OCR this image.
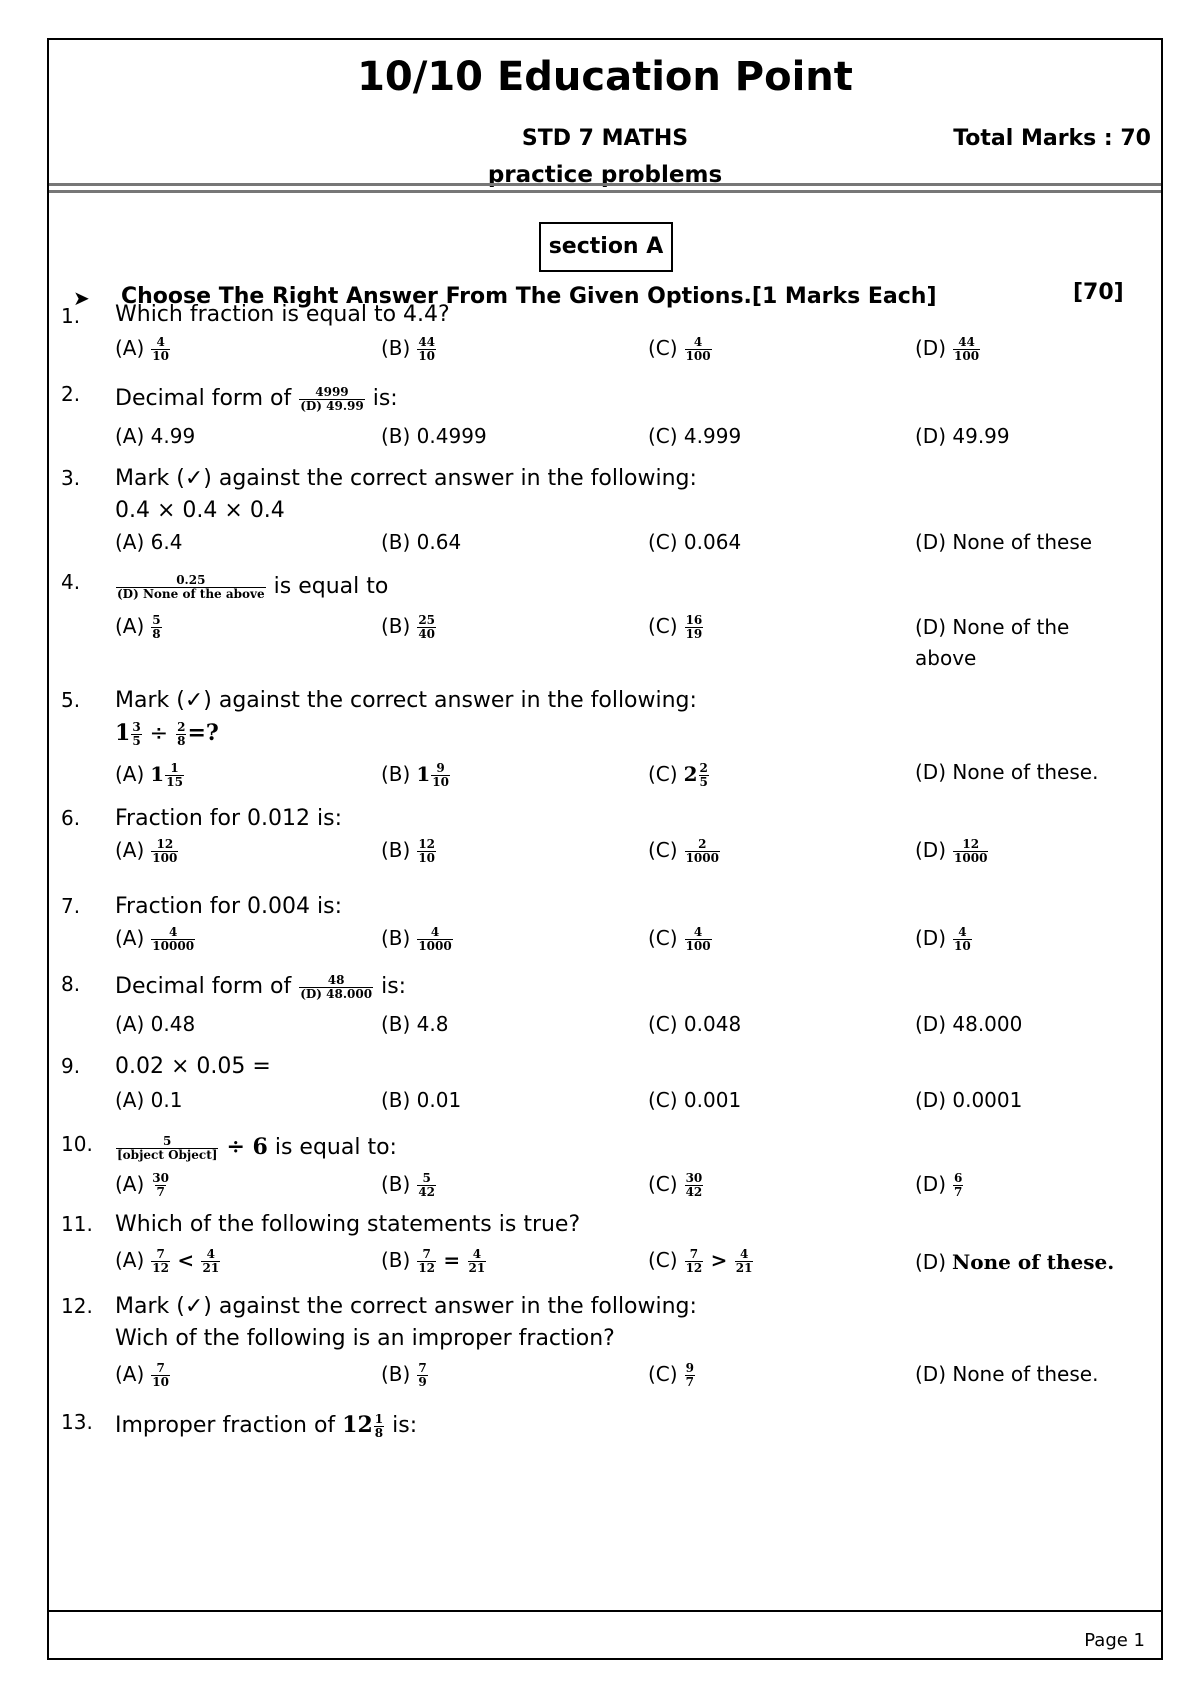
10/10 Education Point
STD 7 MATHS	Total Marks : 70
practice problems
section A
➤ Choose The Right Answer From The Given Options.[1 Marks Each]	[70]
1. Which fraction is equal to 4.4?
$(A) \frac{4}{10}$	$(B) \frac{44}{10}$	$(C) \frac{4}{100}$	$(D) \frac{44}{100}$
2. Decimal form of $\frac{4999}{(D) 49.99}$ is:
(A) 4.99	(B) 0.4999	(C) 4.999	(D) 49.99
3. Mark (✓) against the correct answer in the following:
0.4 × 0.4 × 0.4
(A) 6.4	(B) 0.64	(C) 0.064	(D) None of these
4.	$\frac{0.25}{\text{(D) None of the above}}$ is equal to
$(A) \frac{5}{8}$	$(B) \frac{25}{40}$	$(C) \frac{16}{19}$	(D) None of the above
5. Mark (✓) against the correct answer in the following:
$1 \frac{3}{5} \div \frac{2}{8}$ =?
(A) $1 \frac{1}{15}$	(B) $1 \frac{9}{10}$	(C) $2 \frac{2}{5}$	(D) None of these.
6. Fraction for 0.012 is:
$(A) \frac{12}{100}$	$(B) \frac{12}{10}$	$(C) \frac{2}{1000}$	$(D) \frac{12}{1000}$
7. Fraction for 0.004 is:
$(A) \frac{4}{10000}$	$(B) \frac{4}{1000}$	$(C) \frac{4}{100}$	$(D) \frac{4}{10}$
8. Decimal form of $\frac{48}{(D) 48.000}$ is:
(A) 0.48	(B) 4.8	(C) 0.048	(D) 48.000
9. 0.02 × 0.05 =
(A) 0.1	(B) 0.01	(C) 0.001	(D) 0.0001
10. $\frac{5}{\text{[object Object]}} \div 6$ is equal to:
$(A) \frac{30}{7}$	$(B) \frac{5}{42}$	$(C) \frac{30}{42}$	$(D) \frac{6}{7}$
11. Which of the following statements is true?
$(A) \frac{7}{12} < \frac{4}{21}$	$(B) \frac{7}{12} = \frac{4}{21}$	$(C) \frac{7}{12} > \frac{4}{21}$	(D) None of these.
12. Mark (✓) against the correct answer in the following:
Wich of the following is an improper fraction?
$(A) \frac{7}{10}$	$(B) \frac{7}{9}$	$(C) \frac{9}{7}$	(D) None of these.
13. Improper fraction of $12 \frac{1}{8}$ is:
Page 1
